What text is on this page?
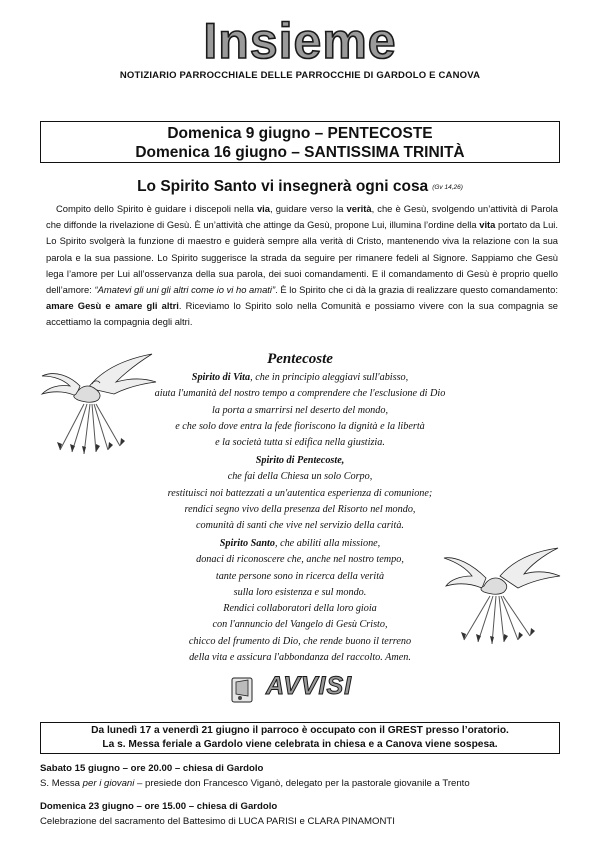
Insieme
NOTIZIARIO PARROCCHIALE DELLE PARROCCHIE DI GARDOLO E CANOVA
Domenica 9 giugno – PENTECOSTE
Domenica 16 giugno – SANTISSIMA TRINITÀ
Lo Spirito Santo vi insegnerà ogni cosa (Gv 14,26)

Compito dello Spirito è guidare i discepoli nella via, guidare verso la verità, che è Gesù, svolgendo un’attività di Parola che diffonde la rivelazione di Gesù. È un’attività che attinge da Gesù, propone Lui, illumina l’ordine della vita portato da Lui. Lo Spirito svolgerà la funzione di maestro e guiderà sempre alla verità di Cristo, mantenendo viva la relazione con la sua parola e la sua passione. Lo Spirito suggerisce la strada da seguire per rimanere fedeli al Signore. Sappiamo che Gesù lega l’amore per Lui all’osservanza della sua parola, dei suoi comandamenti. E il comandamento di Gesù è proprio quello dell’amore: “Amatevi gli uni gli altri come io vi ho amati”. È lo Spirito che ci dà la grazia di realizzare questo comandamento: amare Gesù e amare gli altri. Riceviamo lo Spirito solo nella Comunità e possiamo vivere con la sua compagnia se accettiamo la compagnia degli altri.

Pentecoste
Spirito di Vita, che in principio aleggiavi sull'abisso,
aiuta l'umanità del nostro tempo a comprendere che l'esclusione di Dio
la porta a smarrirsi nel deserto del mondo,
e che solo dove entra la fede fioriscono la dignità e la libertà
e la società tutta si edifica nella giustizia.
Spirito di Pentecoste,
che fai della Chiesa un solo Corpo,
restituisci noi battezzati a un'autentica esperienza di comunione;
rendici segno vivo della presenza del Risorto nel mondo,
comunità di santi che vive nel servizio della carità.
Spirito Santo, che abiliti alla missione,
donaci di riconoscere che, anche nel nostro tempo,
tante persone sono in ricerca della verità
sulla loro esistenza e sul mondo.
Rendici collaboratori della loro gioia
con l'annuncio del Vangelo di Gesù Cristo,
chicco del frumento di Dio, che rende buono il terreno
della vita e assicura l'abbondanza del raccolto. Amen.
AVVISI
Da lunedì 17 a venerdì 21 giugno il parroco è occupato con il GREST presso l’oratorio.
La s. Messa feriale a Gardolo viene celebrata in chiesa e a Canova viene sospesa.
Sabato 15 giugno – ore 20.00 – chiesa di Gardolo
S. Messa per i giovani – presiede don Francesco Viganò, delegato per la pastorale giovanile a Trento
Domenica 23 giugno – ore 15.00 – chiesa di Gardolo
Celebrazione del sacramento del Battesimo di LUCA PARISI e CLARA PINAMONTI
